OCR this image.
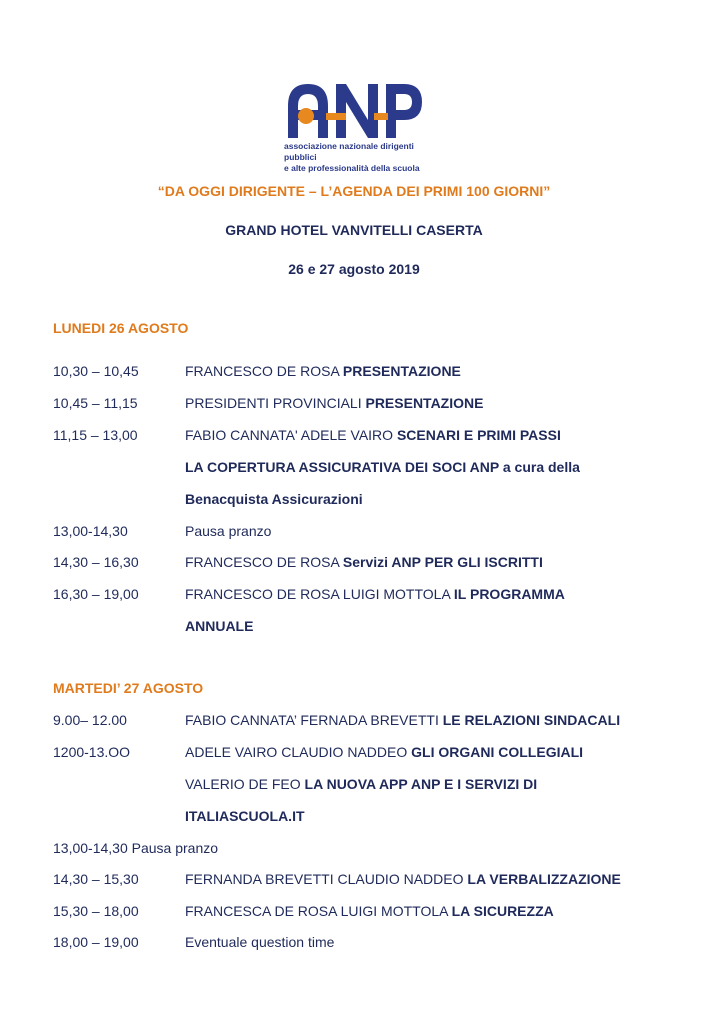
associazione nazionale dirigenti pubblici
e alte professionalità della scuola
“DA OGGI DIRIGENTE – L’AGENDA DEI PRIMI 100 GIORNI”
GRAND HOTEL VANVITELLI CASERTA
26 e 27 agosto 2019
LUNEDI 26 AGOSTO
10,30 – 10,45	FRANCESCO DE ROSA PRESENTAZIONE
10,45 – 11,15	PRESIDENTI PROVINCIALI PRESENTAZIONE
11,15 – 13,00	FABIO CANNATA' ADELE VAIRO SCENARI E PRIMI PASSI
LA COPERTURA ASSICURATIVA DEI SOCI ANP a cura della
Benacquista Assicurazioni
13,00-14,30	Pausa pranzo
14,30 – 16,30	FRANCESCO DE ROSA Servizi ANP PER GLI ISCRITTI
16,30 – 19,00	FRANCESCO DE ROSA LUIGI MOTTOLA IL PROGRAMMA
ANNUALE
MARTEDI’ 27 AGOSTO
9.00– 12.00	FABIO CANNATA’ FERNADA BREVETTI LE RELAZIONI SINDACALI
1200-13.OO	ADELE VAIRO CLAUDIO NADDEO GLI ORGANI COLLEGIALI
VALERIO DE FEO LA NUOVA APP ANP E I SERVIZI DI
ITALIASCUOLA.IT
13,00-14,30 Pausa pranzo
14,30 – 15,30	FERNANDA BREVETTI CLAUDIO NADDEO LA VERBALIZZAZIONE
15,30 – 18,00	FRANCESCA DE ROSA LUIGI MOTTOLA LA SICUREZZA
18,00 – 19,00	Eventuale question time
